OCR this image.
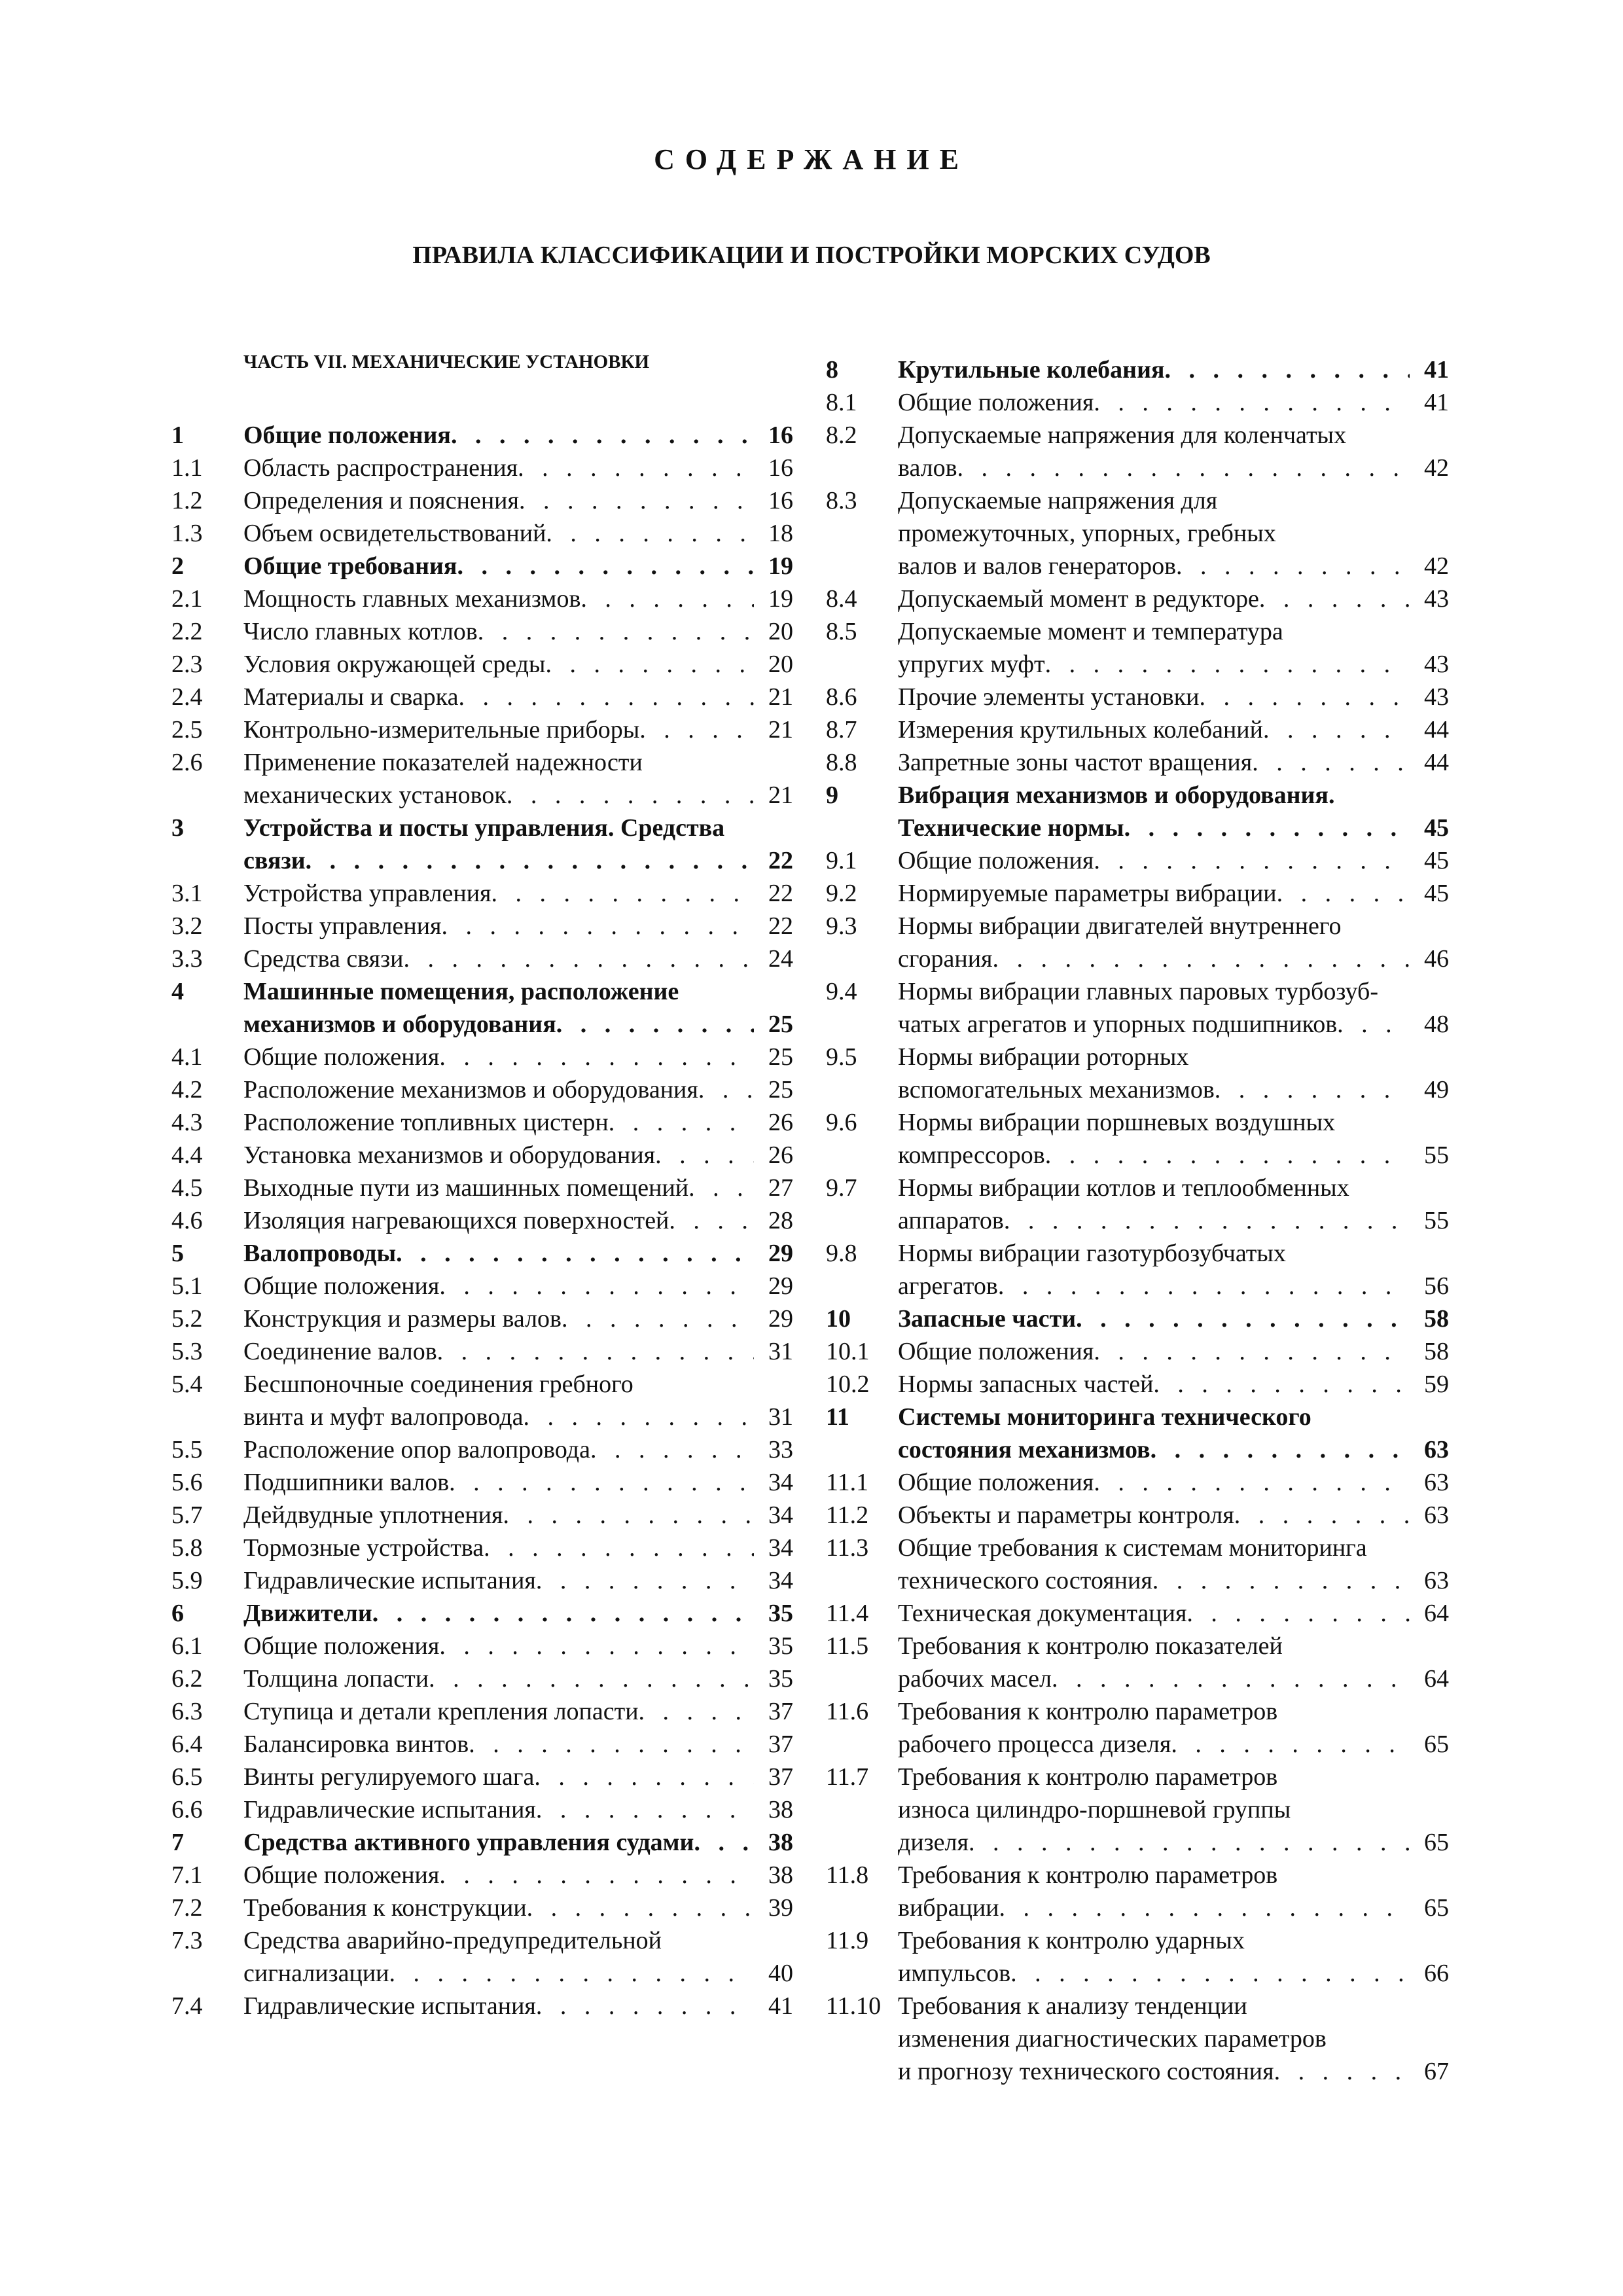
СОДЕРЖАНИЕ
ПРАВИЛА КЛАССИФИКАЦИИ И ПОСТРОЙКИ МОРСКИХ СУДОВ
ЧАСТЬ VII. МЕХАНИЧЕСКИЕ УСТАНОВКИ
1	Общие положения . . .	16
1.1	Область распространения . . .	16
1.2	Определения и пояснения . . .	16
1.3	Объем освидетельствований . . .	18
2	Общие требования . . .	19
2.1	Мощность главных механизмов . . .	19
2.2	Число главных котлов . . .	20
2.3	Условия окружающей среды . . .	20
2.4	Материалы и сварка . . .	21
2.5	Контрольно-измерительные приборы . . .	21
2.6	Применение показателей надежности
механических установок . . .	21
3	Устройства и посты управления. Средства
связи . . .	22
3.1	Устройства управления . . .	22
3.2	Посты управления . . .	22
3.3	Средства связи . . .	24
4	Машинные помещения, расположение
механизмов и оборудования . . .	25
4.1	Общие положения . . .	25
4.2	Расположение механизмов и оборудования . . .	25
4.3	Расположение топливных цистерн . . .	26
4.4	Установка механизмов и оборудования . . .	26
4.5	Выходные пути из машинных помещений . . .	27
4.6	Изоляция нагревающихся поверхностей . . .	28
5	Валопроводы . . .	29
5.1	Общие положения . . .	29
5.2	Конструкция и размеры валов . . .	29
5.3	Соединение валов . . .	31
5.4	Бесшпоночные соединения гребного
винта и муфт валопровода . . .	31
5.5	Расположение опор валопровода . . .	33
5.6	Подшипники валов . . .	34
5.7	Дейдвудные уплотнения . . .	34
5.8	Тормозные устройства . . .	34
5.9	Гидравлические испытания . . .	34
6	Движители . . .	35
6.1	Общие положения . . .	35
6.2	Толщина лопасти . . .	35
6.3	Ступица и детали крепления лопасти . . .	37
6.4	Балансировка винтов . . .	37
6.5	Винты регулируемого шага . . .	37
6.6	Гидравлические испытания . . .	38
7	Средства активного управления судами . . .	38
7.1	Общие положения . . .	38
7.2	Требования к конструкции . . .	39
7.3	Средства аварийно-предупредительной
сигнализации . . .	40
7.4	Гидравлические испытания . . .	41
8	Крутильные колебания . . .	41
8.1	Общие положения . . .	41
8.2	Допускаемые напряжения для коленчатых
валов . . .	42
8.3	Допускаемые напряжения для
промежуточных, упорных, гребных
валов и валов генераторов . . .	42
8.4	Допускаемый момент в редукторе . . .	43
8.5	Допускаемые момент и температура
упругих муфт . . .	43
8.6	Прочие элементы установки . . .	43
8.7	Измерения крутильных колебаний . . .	44
8.8	Запретные зоны частот вращения . . .	44
9	Вибрация механизмов и оборудования.
Технические нормы . . .	45
9.1	Общие положения . . .	45
9.2	Нормируемые параметры вибрации . . .	45
9.3	Нормы вибрации двигателей внутреннего
сгорания . . .	46
9.4	Нормы вибрации главных паровых турбозуб-
чатых агрегатов и упорных подшипников . . .	48
9.5	Нормы вибрации роторных
вспомогательных механизмов . . .	49
9.6	Нормы вибрации поршневых воздушных
компрессоров . . .	55
9.7	Нормы вибрации котлов и теплообменных
аппаратов . . .	55
9.8	Нормы вибрации газотурбозубчатых
агрегатов . . .	56
10	Запасные части . . .	58
10.1	Общие положения . . .	58
10.2	Нормы запасных частей . . .	59
11	Системы мониторинга технического
состояния механизмов . . .	63
11.1	Общие положения . . .	63
11.2	Объекты и параметры контроля . . .	63
11.3	Общие требования к системам мониторинга
технического состояния . . .	63
11.4	Техническая документация . . .	64
11.5	Требования к контролю показателей
рабочих масел . . .	64
11.6	Требования к контролю параметров
рабочего процесса дизеля . . .	65
11.7	Требования к контролю параметров
износа цилиндро-поршневой группы
дизеля . . .	65
11.8	Требования к контролю параметров
вибрации . . .	65
11.9	Требования к контролю ударных
импульсов . . .	66
11.10 Требования к анализу тенденции
изменения диагностических параметров
и прогнозу технического состояния . . .	67
